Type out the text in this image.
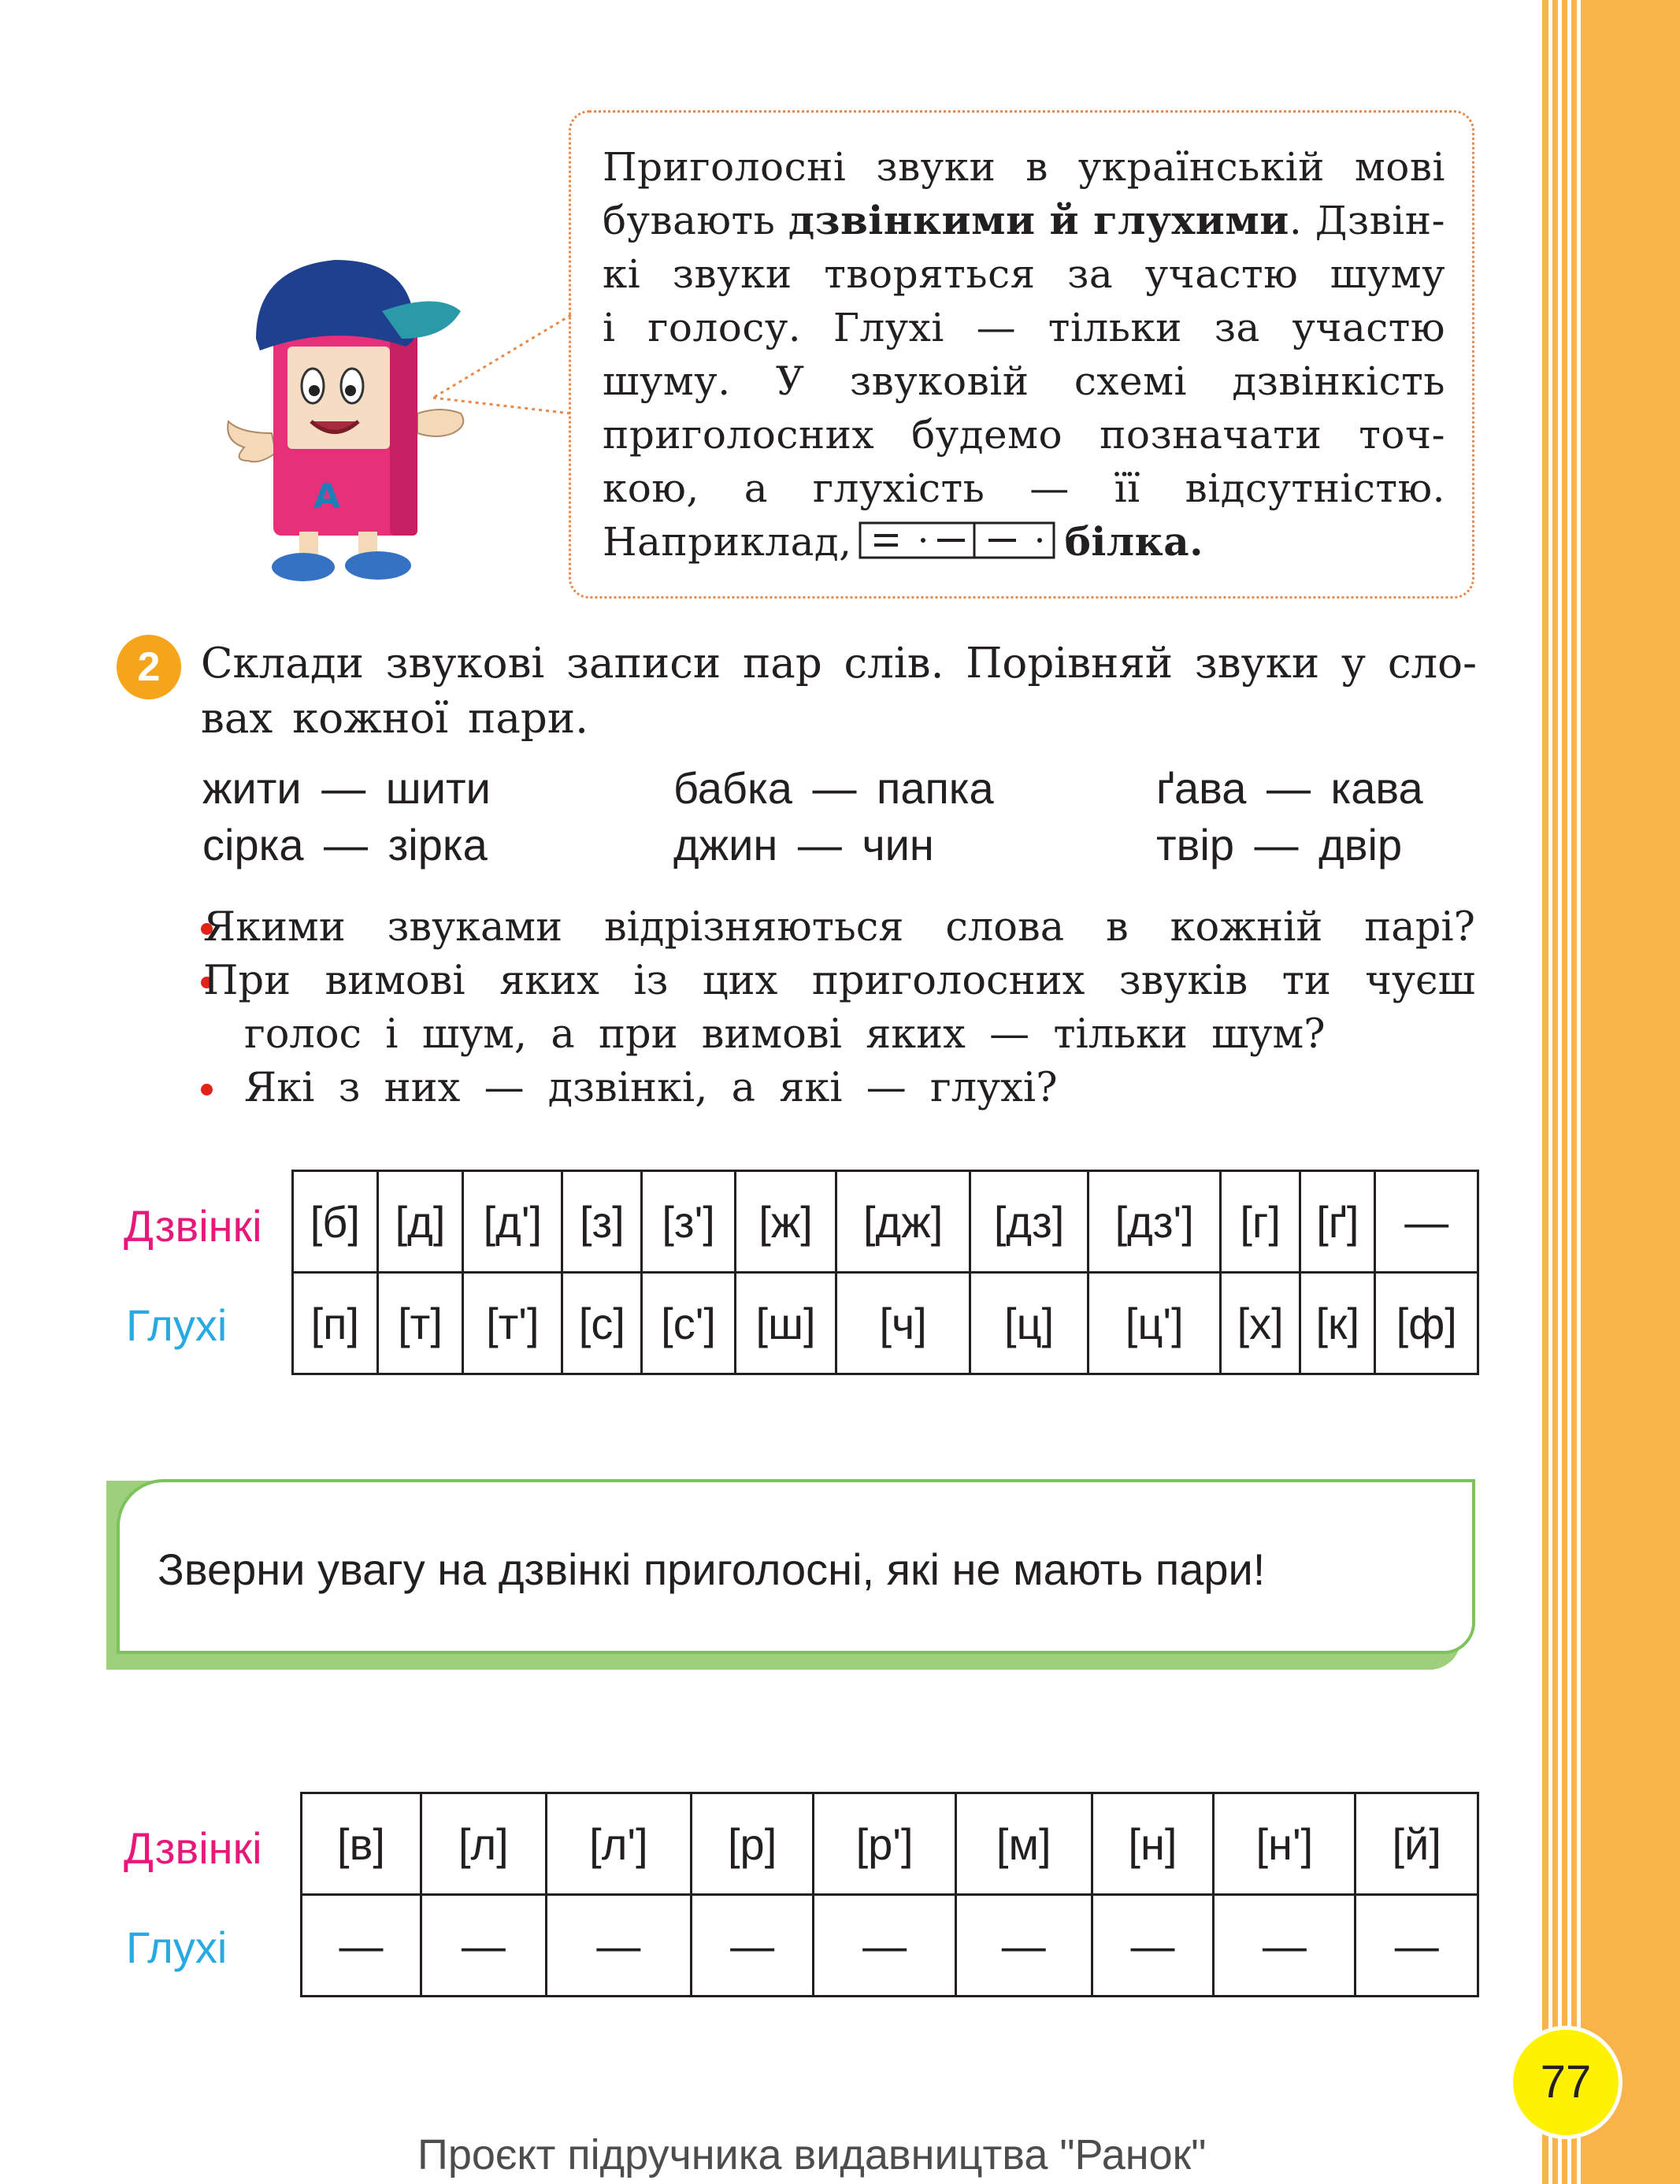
A
Приголосні звуки в українській мові
бувають дзвінкими й глухими. Дзвін-
кі звуки творяться за участю шуму
і голосу. Глухі — тільки за участю
шуму. У звуковій схемі дзвінкість
приголосних будемо позначати точ-
кою, а глухість — її відсутністю.
Наприклад,	білка.
2 Склади звукові записи пар слів. Порівняй звуки у сло-
вах кожної пари.
жити — шити	бабка — папка	ґава — кава
сірка — зірка	джин — чин	твір — двір
Якими звуками відрізняються слова в кожній парі?
При вимові яких із цих приголосних звуків ти чуєш
голос і шум, а при вимові яких — тільки шум?
Які з них — дзвінкі, а які — глухі?
Дзвінкі
Глухі
[б]	[д]	[д']	[з]	[з']	[ж]	[дж]	[дз]	[дз']	[г]	[ґ]	—
[п]	[т]	[т']	[с]	[с']	[ш]	[ч]	[ц]	[ц']	[х]	[к]	[ф]
Зверни увагу на дзвінкі приголосні, які не мають пари!
Дзвінкі
Глухі
[в]	[л]	[л']	[р]	[р']	[м]	[н]	[н']	[й]
—	—	—	—	—	—	—	—	—
77
Проєкт підручника видавництва "Ранок"
